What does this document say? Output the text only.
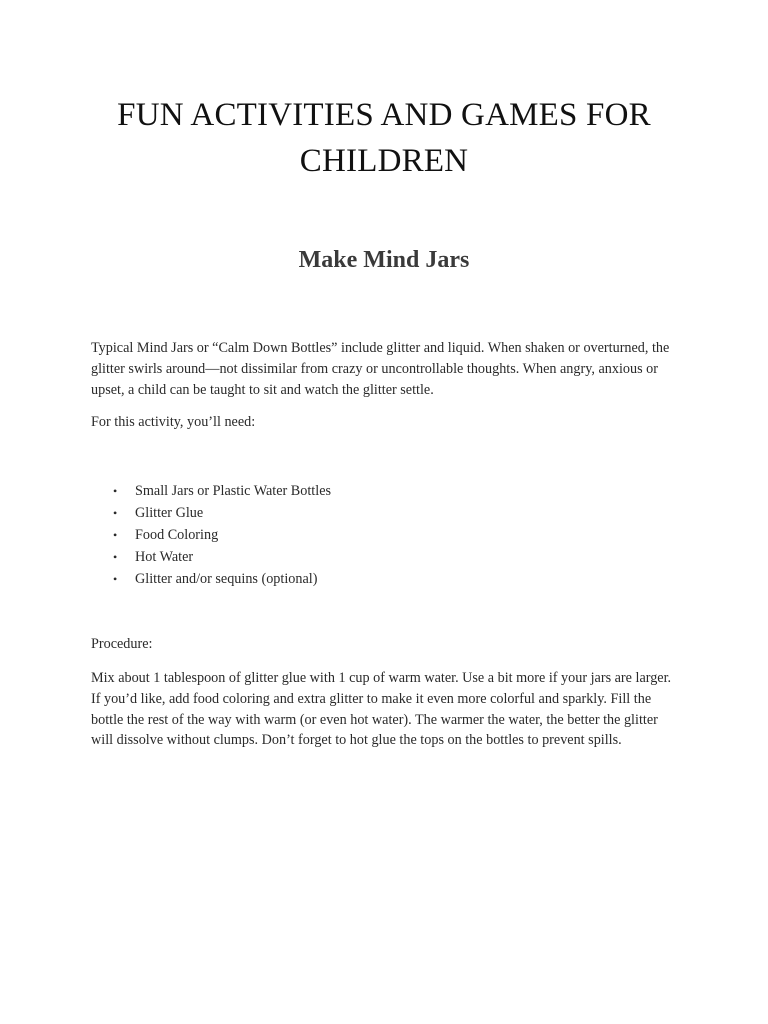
FUN ACTIVITIES AND GAMES FOR
CHILDREN
Make Mind Jars

Typical Mind Jars or “Calm Down Bottles” include glitter and liquid. When shaken or overturned, the glitter swirls around—not dissimilar from crazy or uncontrollable thoughts. When angry, anxious or upset, a child can be taught to sit and watch the glitter settle.

For this activity, you’ll need:

• Small Jars or Plastic Water Bottles
• Glitter Glue
• Food Coloring
• Hot Water
• Glitter and/or sequins (optional)

Procedure:

Mix about 1 tablespoon of glitter glue with 1 cup of warm water. Use a bit more if your jars are larger. If you’d like, add food coloring and extra glitter to make it even more colorful and sparkly. Fill the bottle the rest of the way with warm (or even hot water). The warmer the water, the better the glitter will dissolve without clumps. Don’t forget to hot glue the tops on the bottles to prevent spills.
